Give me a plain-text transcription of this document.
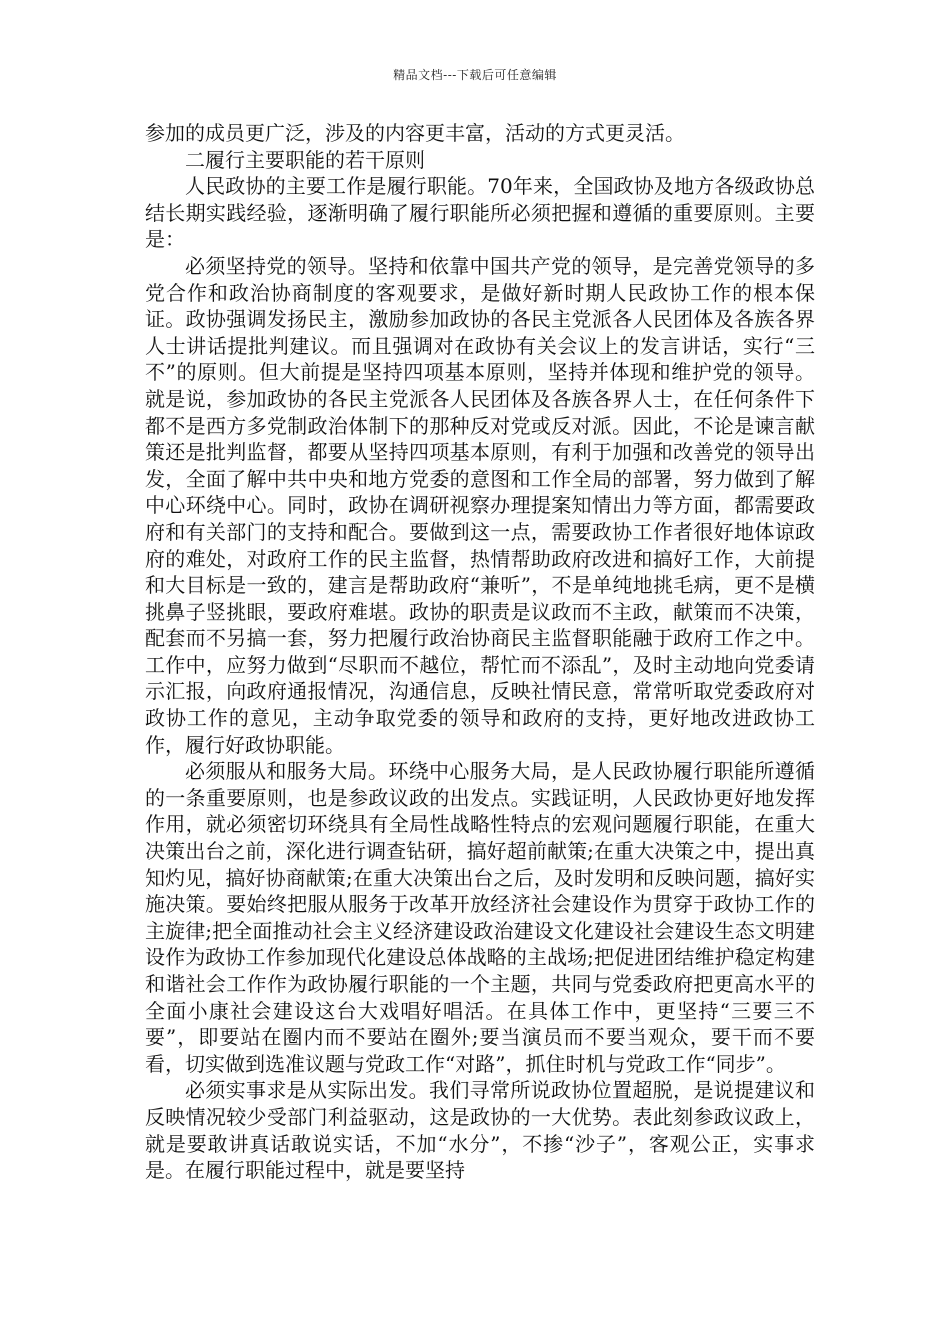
精品文档---下载后可任意编辑

参加的成员更广泛，涉及的内容更丰富，活动的方式更灵活。

二履行主要职能的若干原则

人民政协的主要工作是履行职能。70年来，全国政协及地方各级政协总结长期实践经验，逐渐明确了履行职能所必须把握和遵循的重要原则。主要是：

必须坚持党的领导。坚持和依靠中国共产党的领导，是完善党领导的多党合作和政治协商制度的客观要求，是做好新时期人民政协工作的根本保证。政协强调发扬民主，激励参加政协的各民主党派各人民团体及各族各界人士讲话提批判建议。而且强调对在政协有关会议上的发言讲话，实行“三不”的原则。但大前提是坚持四项基本原则，坚持并体现和维护党的领导。就是说，参加政协的各民主党派各人民团体及各族各界人士，在任何条件下都不是西方多党制政治体制下的那种反对党或反对派。因此，不论是谏言献策还是批判监督，都要从坚持四项基本原则，有利于加强和改善党的领导出发，全面了解中共中央和地方党委的意图和工作全局的部署，努力做到了解中心环绕中心。同时，政协在调研视察办理提案知情出力等方面，都需要政府和有关部门的支持和配合。要做到这一点，需要政协工作者很好地体谅政府的难处，对政府工作的民主监督，热情帮助政府改进和搞好工作，大前提和大目标是一致的，建言是帮助政府“兼听”，不是单纯地挑毛病，更不是横挑鼻子竖挑眼，要政府难堪。政协的职责是议政而不主政，献策而不决策，配套而不另搞一套，努力把履行政治协商民主监督职能融于政府工作之中。工作中，应努力做到“尽职而不越位，帮忙而不添乱”，及时主动地向党委请示汇报，向政府通报情况，沟通信息，反映社情民意，常常听取党委政府对政协工作的意见，主动争取党委的领导和政府的支持，更好地改进政协工作，履行好政协职能。

必须服从和服务大局。环绕中心服务大局，是人民政协履行职能所遵循的一条重要原则，也是参政议政的出发点。实践证明，人民政协更好地发挥作用，就必须密切环绕具有全局性战略性特点的宏观问题履行职能，在重大决策出台之前，深化进行调查钻研，搞好超前献策;在重大决策之中，提出真知灼见，搞好协商献策;在重大决策出台之后，及时发明和反映问题，搞好实施决策。要始终把服从服务于改革开放经济社会建设作为贯穿于政协工作的主旋律;把全面推动社会主义经济建设政治建设文化建设社会建设生态文明建设作为政协工作参加现代化建设总体战略的主战场;把促进团结维护稳定构建和谐社会工作作为政协履行职能的一个主题，共同与党委政府把更高水平的全面小康社会建设这台大戏唱好唱活。在具体工作中，更坚持“三要三不要”，即要站在圈内而不要站在圈外;要当演员而不要当观众，要干而不要看，切实做到选准议题与党政工作“对路”，抓住时机与党政工作“同步”。

必须实事求是从实际出发。我们寻常所说政协位置超脱，是说提建议和反映情况较少受部门利益驱动，这是政协的一大优势。表此刻参政议政上，就是要敢讲真话敢说实话，不加“水分”，不掺“沙子”，客观公正，实事求是。在履行职能过程中，就是要坚持
